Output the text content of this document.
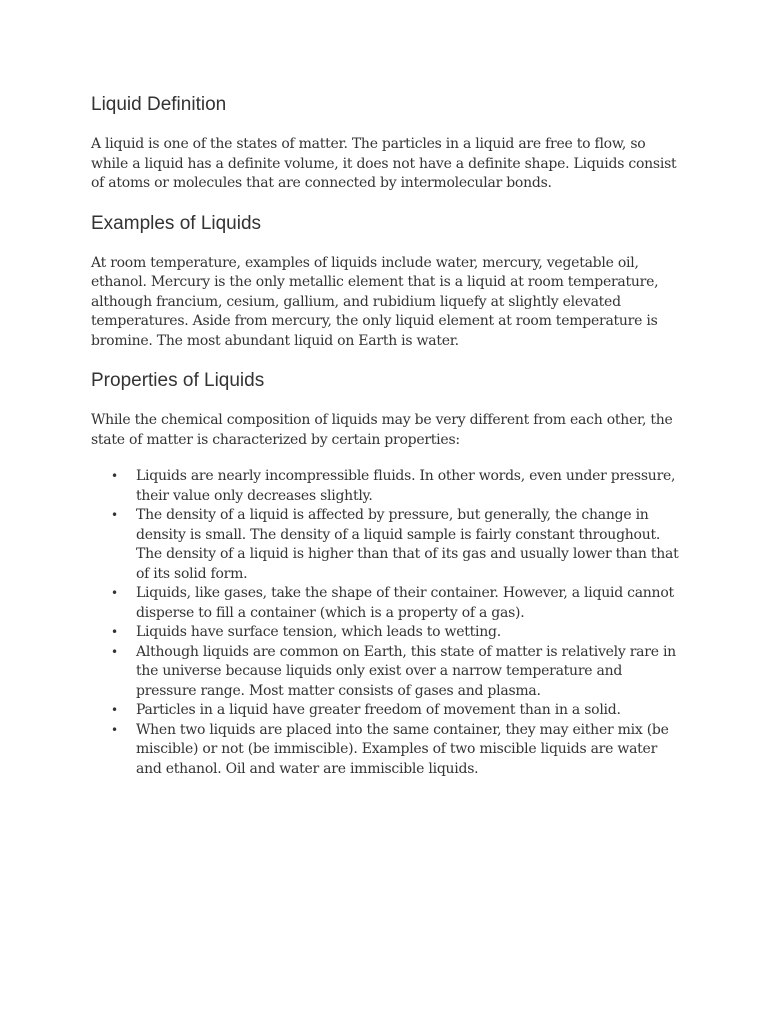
Liquid Definition

A liquid is one of the states of matter. The particles in a liquid are free to flow, so while a liquid has a definite volume, it does not have a definite shape. Liquids consist of atoms or molecules that are connected by intermolecular bonds.

Examples of Liquids

At room temperature, examples of liquids include water, mercury, vegetable oil, ethanol. Mercury is the only metallic element that is a liquid at room temperature, although francium, cesium, gallium, and rubidium liquefy at slightly elevated temperatures. Aside from mercury, the only liquid element at room temperature is bromine. The most abundant liquid on Earth is water.

Properties of Liquids

While the chemical composition of liquids may be very different from each other, the state of matter is characterized by certain properties:

• Liquids are nearly incompressible fluids. In other words, even under pressure, their value only decreases slightly.
• The density of a liquid is affected by pressure, but generally, the change in density is small. The density of a liquid sample is fairly constant throughout. The density of a liquid is higher than that of its gas and usually lower than that of its solid form.
• Liquids, like gases, take the shape of their container. However, a liquid cannot disperse to fill a container (which is a property of a gas).
• Liquids have surface tension, which leads to wetting.
• Although liquids are common on Earth, this state of matter is relatively rare in the universe because liquids only exist over a narrow temperature and pressure range. Most matter consists of gases and plasma.
• Particles in a liquid have greater freedom of movement than in a solid.
• When two liquids are placed into the same container, they may either mix (be miscible) or not (be immiscible). Examples of two miscible liquids are water and ethanol. Oil and water are immiscible liquids.
